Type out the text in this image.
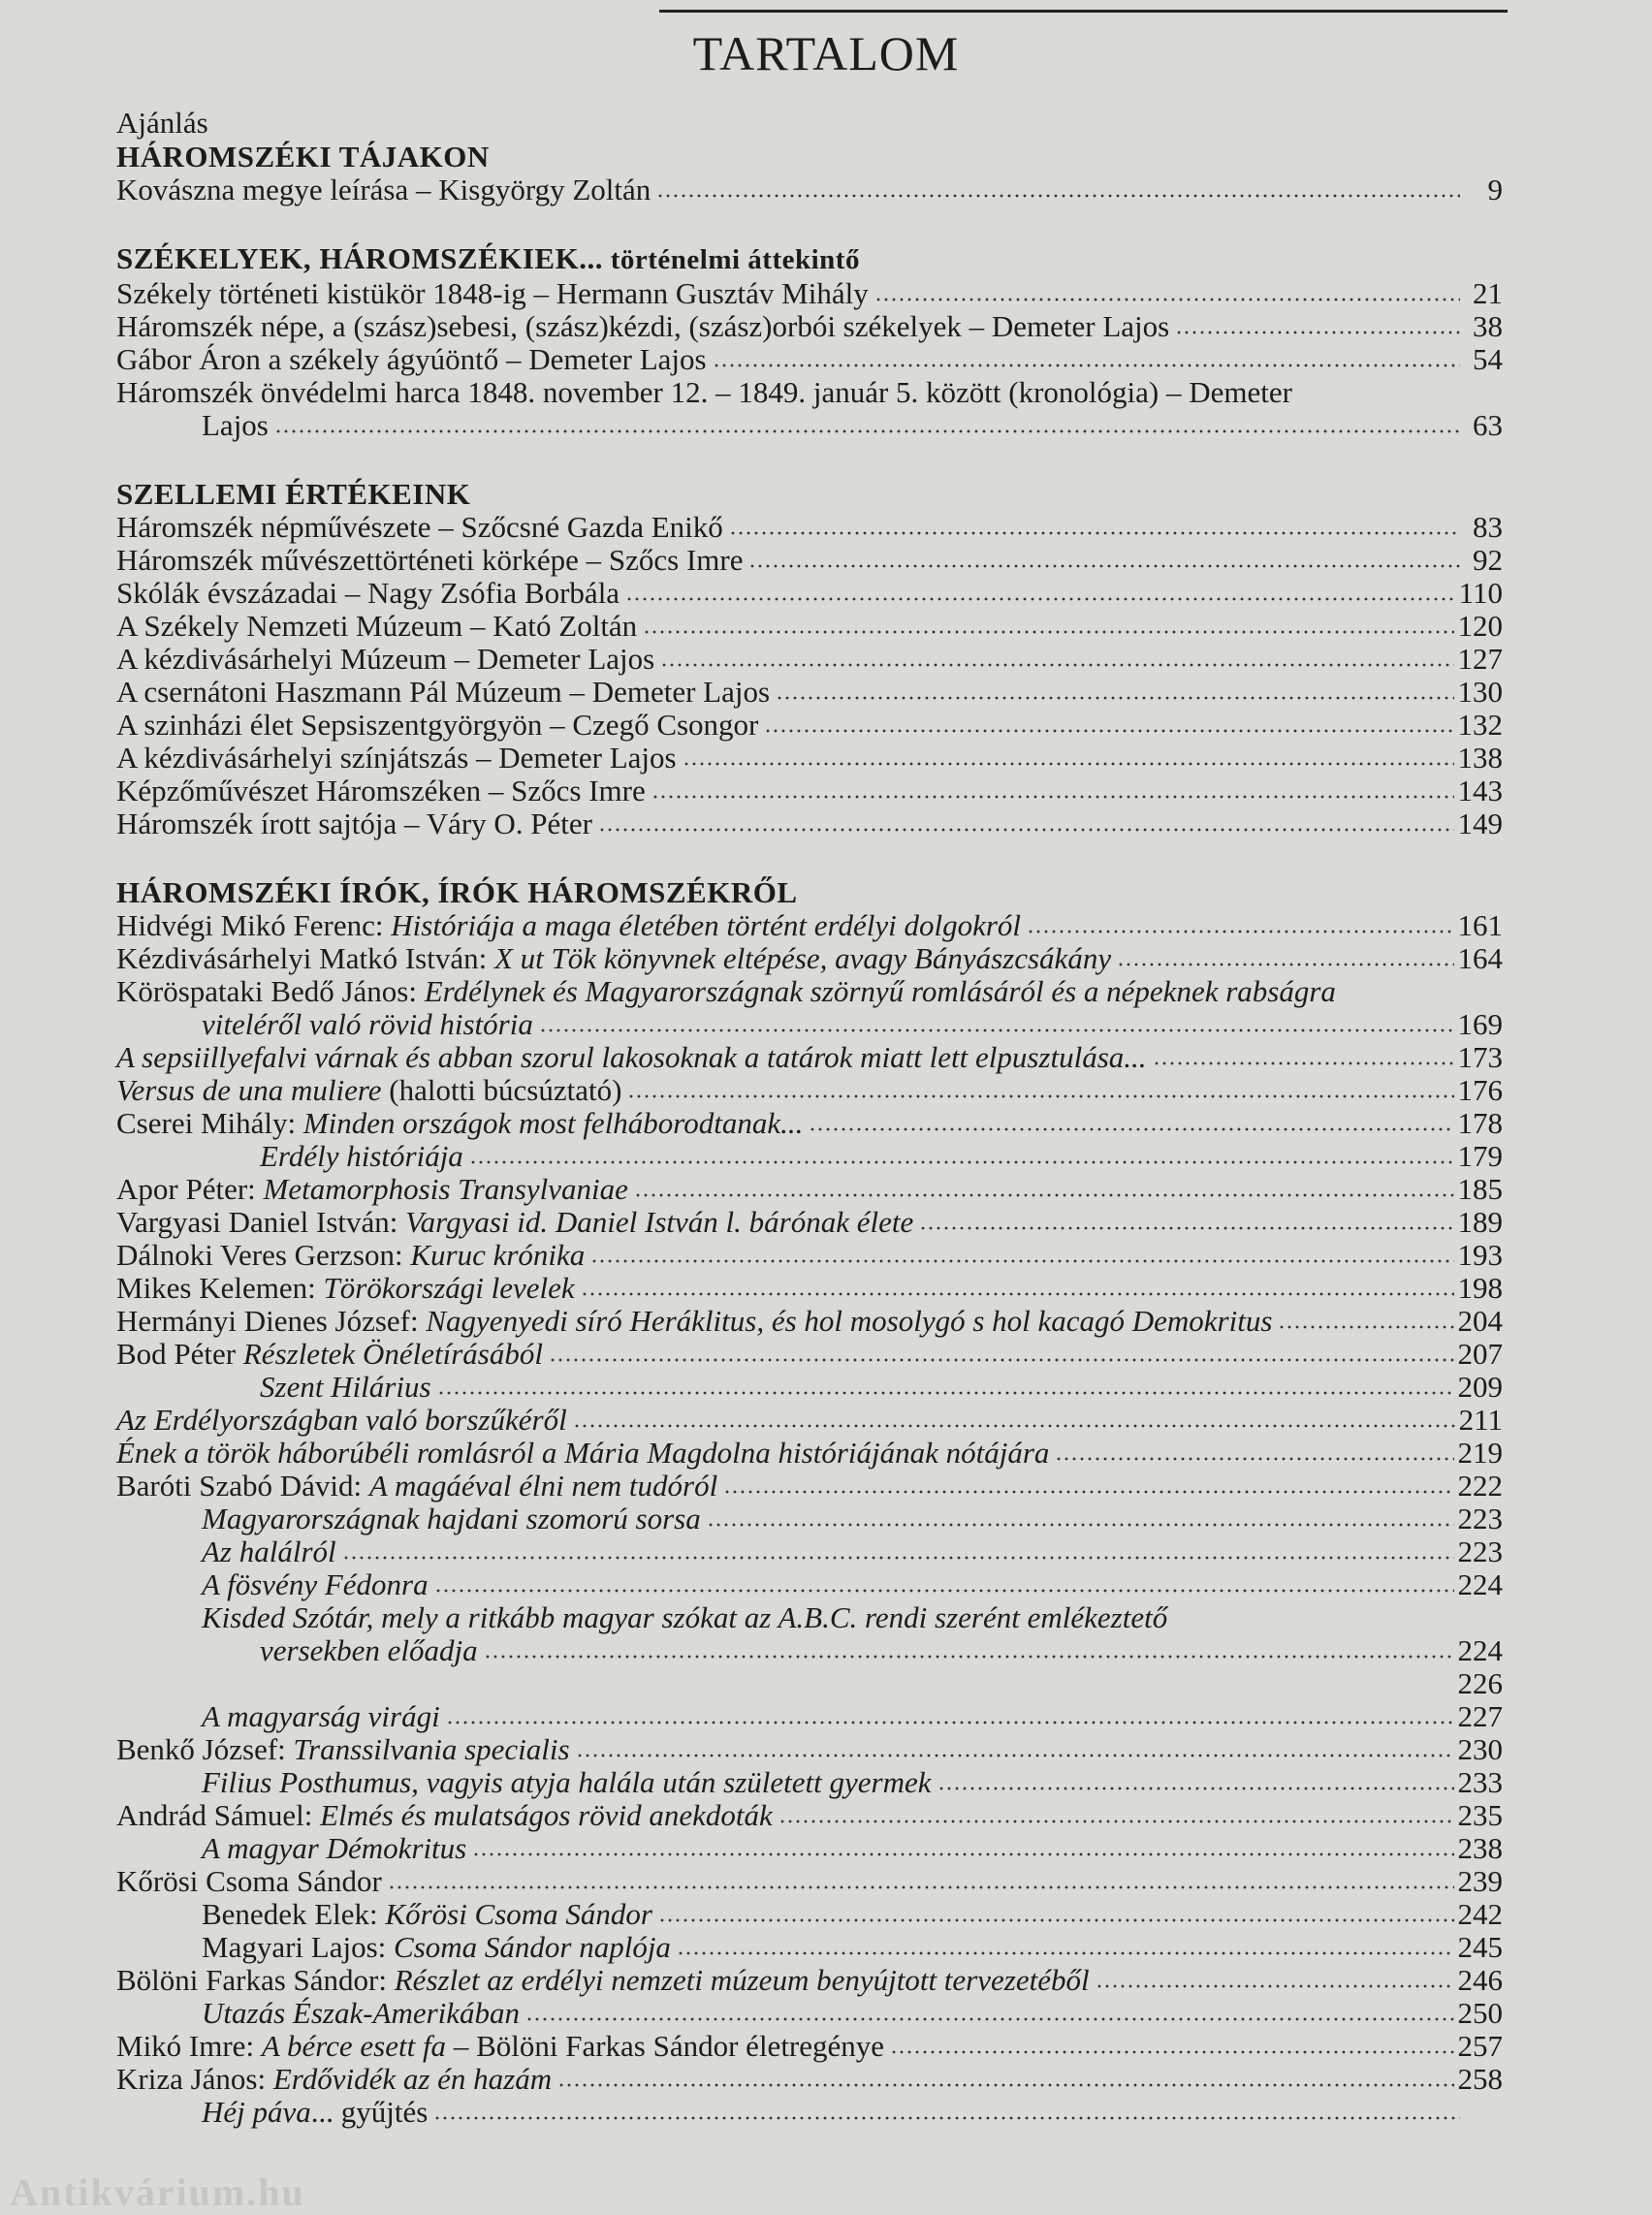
TARTALOM
Ajánlás
HÁROMSZÉKI TÁJAKON
Kovászna megye leírása – Kisgyörgy Zoltán	9
SZÉKELYEK, HÁROMSZÉKIEK... történelmi áttekintő
Székely történeti kistükör 1848-ig – Hermann Gusztáv Mihály	21
Háromszék népe, a (szász)sebesi, (szász)kézdi, (szász)orbói székelyek – Demeter Lajos	38
Gábor Áron a székely ágyúöntő – Demeter Lajos	54
Háromszék önvédelmi harca 1848. november 12. – 1849. január 5. között (kronológia) – Demeter
Lajos	63
SZELLEMI ÉRTÉKEINK
Háromszék népművészete – Szőcsné Gazda Enikő	83
Háromszék művészettörténeti körképe – Szőcs Imre	92
Skólák évszázadai – Nagy Zsófia Borbála	110
A Székely Nemzeti Múzeum – Kató Zoltán	120
A kézdivásárhelyi Múzeum – Demeter Lajos	127
A csernátoni Haszmann Pál Múzeum – Demeter Lajos	130
A szinházi élet Sepsiszentgyörgyön – Czegő Csongor	132
A kézdivásárhelyi színjátszás – Demeter Lajos	138
Képzőművészet Háromszéken – Szőcs Imre	143
Háromszék írott sajtója – Váry O. Péter	149
HÁROMSZÉKI ÍRÓK, ÍRÓK HÁROMSZÉKRŐL
Hidvégi Mikó Ferenc: Históriája a maga életében történt erdélyi dolgokról	161
Kézdivásárhelyi Matkó István: X ut Tök könyvnek eltépése, avagy Bányászcsákány	164
Köröspataki Bedő János: Erdélynek és Magyarországnak szörnyű romlásáról és a népeknek rabságra
viteléről való rövid história	169
A sepsiillyefalvi várnak és abban szorul lakosoknak a tatárok miatt lett elpusztulása...	173
Versus de una muliere (halotti búcsúztató)	176
Cserei Mihály: Minden országok most felháborodtanak...	178
Erdély históriája	179
Apor Péter: Metamorphosis Transylvaniae	185
Vargyasi Daniel István: Vargyasi id. Daniel István l. bárónak élete	189
Dálnoki Veres Gerzson: Kuruc krónika	193
Mikes Kelemen: Törökországi levelek	198
Hermányi Dienes József: Nagyenyedi síró Heráklitus, és hol mosolygó s hol kacagó Demokritus	204
Bod Péter Részletek Önéletírásából	207
Szent Hilárius	209
Az Erdélyországban való borszűkéről	211
Ének a török háborúbéli romlásról a Mária Magdolna históriájának nótájára	219
Baróti Szabó Dávid: A magáéval élni nem tudóról	222
Magyarországnak hajdani szomorú sorsa	223
Az halálról	223
A fösvény Fédonra	224
Kisded Szótár, mely a ritkább magyar szókat az A.B.C. rendi szerént emlékeztető
versekben előadja	224
226
A magyarság virági	227
Benkő József: Transsilvania specialis	230
Filius Posthumus, vagyis atyja halála után született gyermek	233
Andrád Sámuel: Elmés és mulatságos rövid anekdoták	235
A magyar Démokritus	238
Kőrösi Csoma Sándor	239
Benedek Elek: Kőrösi Csoma Sándor	242
Magyari Lajos: Csoma Sándor naplója	245
Bölöni Farkas Sándor: Részlet az erdélyi nemzeti múzeum benyújtott tervezetéből	246
Utazás Észak-Amerikában	250
Mikó Imre: A bérce esett fa – Bölöni Farkas Sándor életregénye	257
Kriza János: Erdővidék az én hazám	258
Héj páva... gyűjtés
Antikvárium.hu
